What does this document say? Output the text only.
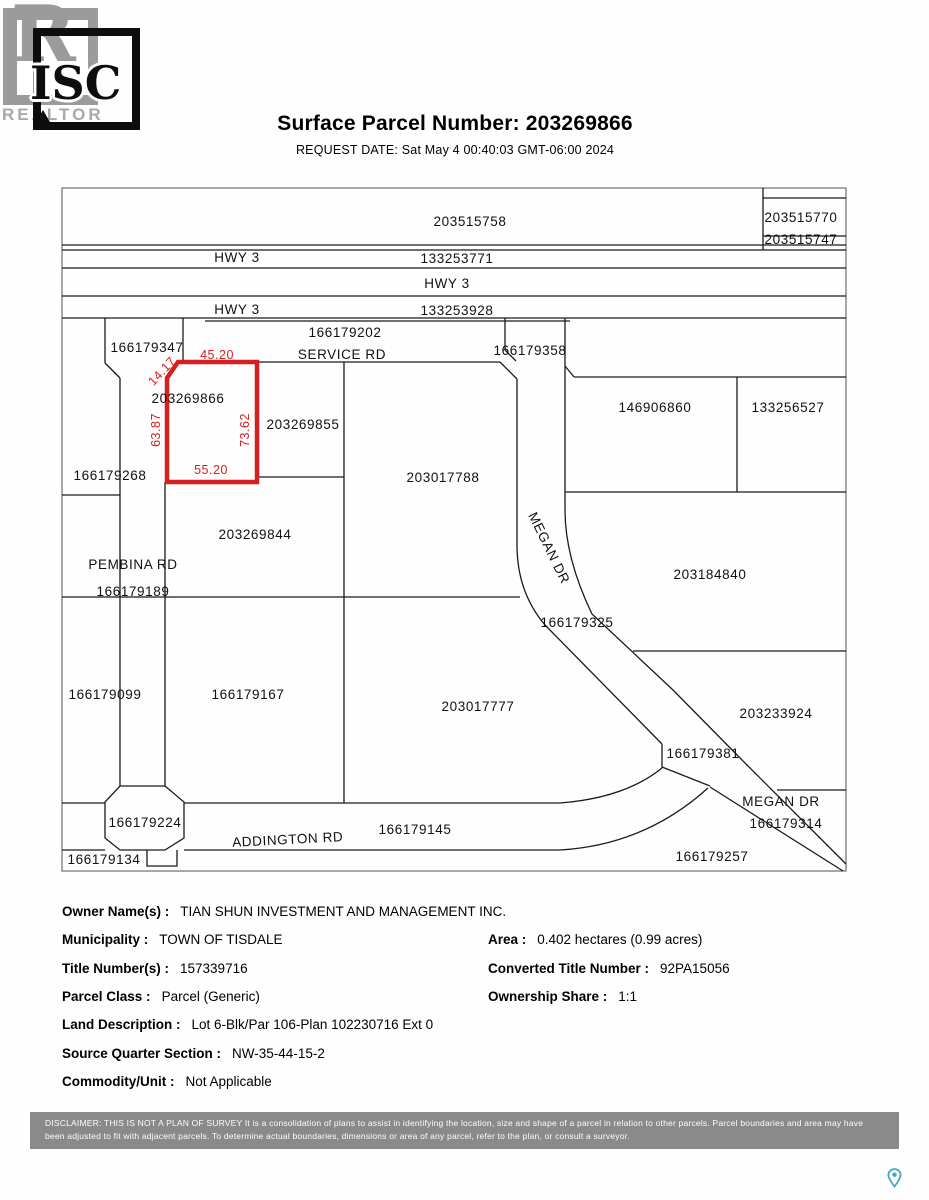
R
REALTOR
ISC
Surface Parcel Number: 203269866
REQUEST DATE: Sat May 4 00:40:03 GMT-06:00 2024
203515758	203515770
203515747
HWY 3	133253771
HWY 3
HWY 3	133253928
166179202
SERVICE RD
166179347	166179358
146906860	133256527
203269866
203269855
203017788
166179268
203269844
PEMBINA RD
166179189
203184840
166179325
MEGAN DR
166179099	166179167
203017777	203233924
166179381
MEGAN DR
166179314
166179257
166179224
ADDINGTON RD	166179145
166179134
45.20
14.17
63.87	73.62
55.20
Owner Name(s) : TIAN SHUN INVESTMENT AND MANAGEMENT INC.
Municipality : TOWN OF TISDALE	Area : 0.402 hectares (0.99 acres)
Title Number(s) : 157339716	Converted Title Number : 92PA15056
Parcel Class : Parcel (Generic)	Ownership Share : 1:1
Land Description : Lot 6-Blk/Par 106-Plan 102230716 Ext 0
Source Quarter Section : NW-35-44-15-2
Commodity/Unit : Not Applicable
DISCLAIMER: THIS IS NOT A PLAN OF SURVEY It is a consolidation of plans to assist in identifying the location, size and shape of a parcel in relation to other parcels. Parcel boundaries and area may have been adjusted to fit with adjacent parcels. To determine actual boundaries, dimensions or area of any parcel, refer to the plan, or consult a surveyor.
